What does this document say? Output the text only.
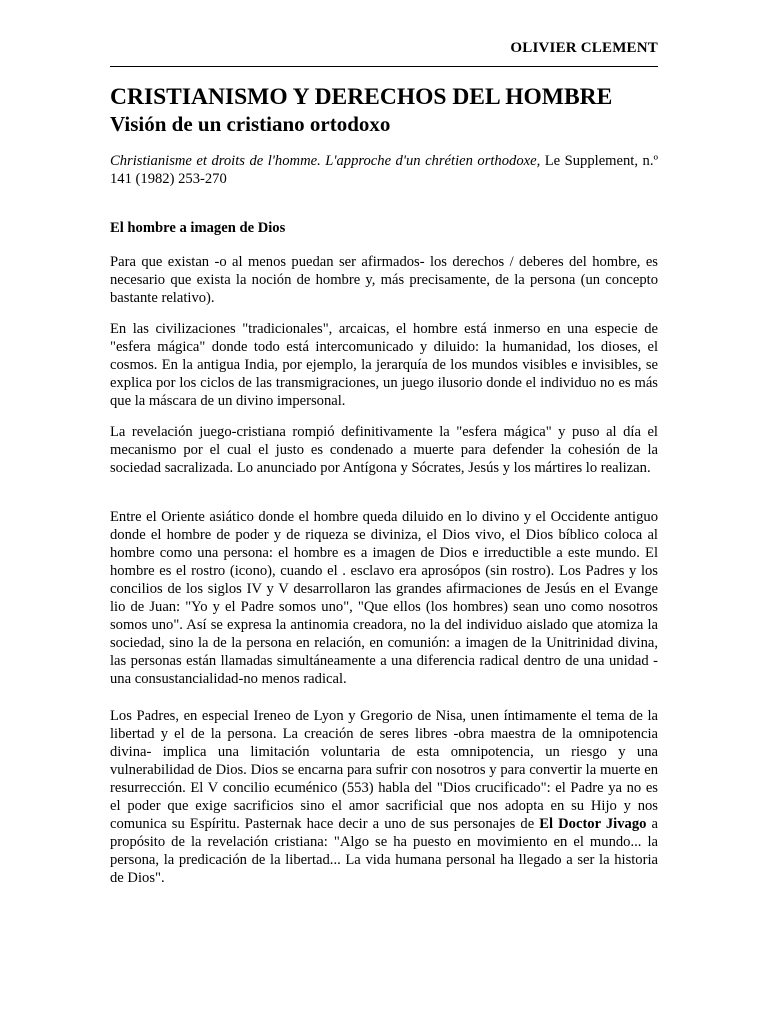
OLIVIER CLEMENT
CRISTIANISMO Y DERECHOS DEL HOMBRE
Visión de un cristiano ortodoxo

Christianisme et droits de l'homme. L'approche d'un chrétien orthodoxe, Le Supplement, n.º 141 (1982) 253-270

El hombre a imagen de Dios

Para que existan -o al menos puedan ser afirmados- los derechos / deberes del hombre, es necesario que exista la noción de hombre y, más precisamente, de la persona (un concepto bastante relativo).

En las civilizaciones "tradicionales", arcaicas, el hombre está inmerso en una especie de "esfera mágica" donde todo está intercomunicado y diluido: la humanidad, los dioses, el cosmos. En la antigua India, por ejemplo, la jerarquía de los mundos visibles e invisibles, se explica por los ciclos de las transmigraciones, un juego ilusorio donde el individuo no es más que la máscara de un divino impersonal.

La revelación juego-cristiana rompió definitivamente la "esfera mágica" y puso al día el mecanismo por el cual el justo es condenado a muerte para defender la cohesión de la sociedad sacralizada. Lo anunciado por Antígona y Sócrates, Jesús y los mártires lo realizan.

Entre el Oriente asiático donde el hombre queda diluido en lo divino y el Occidente antiguo donde el hombre de poder y de riqueza se diviniza, el Dios vivo, el Dios bíblico coloca al hombre como una persona: el hombre es a imagen de Dios e irreductible a este mundo. El hombre es el rostro (icono), cuando el . esclavo era aprosópos (sin rostro). Los Padres y los concilios de los siglos IV y V desarrollaron las grandes afirmaciones de Jesús en el Evange lio de Juan: "Yo y el Padre somos uno", "Que ellos (los hombres) sean uno como nosotros somos uno". Así se expresa la antinomia creadora, no la del individuo aislado que atomiza la sociedad, sino la de la persona en relación, en comunión: a imagen de la Unitrinidad divina, las personas están llamadas simultáneamente a una diferencia radical dentro de una unidad -una consustancialidad-no menos radical.

Los Padres, en especial Ireneo de Lyon y Gregorio de Nisa, unen íntimamente el tema de la libertad y el de la persona. La creación de seres libres -obra maestra de la omnipotencia divina- implica una limitación voluntaria de esta omnipotencia, un riesgo y una vulnerabilidad de Dios. Dios se encarna para sufrir con nosotros y para convertir la muerte en resurrección. El V concilio ecuménico (553) habla del "Dios crucificado": el Padre ya no es el poder que exige sacrificios sino el amor sacrificial que nos adopta en su Hijo y nos comunica su Espíritu. Pasternak hace decir a uno de sus personajes de El Doctor Jivago a propósito de la revelación cristiana: "Algo se ha puesto en movimiento en el mundo... la persona, la predicación de la libertad... La vida humana personal ha llegado a ser la historia de Dios".
